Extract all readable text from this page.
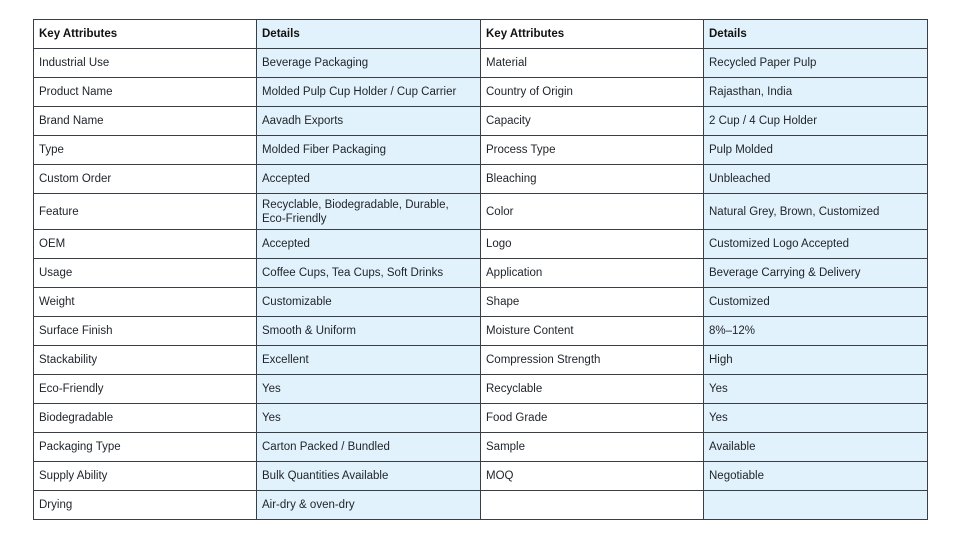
Key Attributes	Details	Key Attributes	Details
Industrial Use	Beverage Packaging	Material	Recycled Paper Pulp
Product Name	Molded Pulp Cup Holder / Cup Carrier	Country of Origin	Rajasthan, India
Brand Name	Aavadh Exports	Capacity	2 Cup / 4 Cup Holder
Type	Molded Fiber Packaging	Process Type	Pulp Molded
Custom Order	Accepted	Bleaching	Unbleached
Feature	Recyclable, Biodegradable, Durable, Eco-Friendly	Color	Natural Grey, Brown, Customized
OEM	Accepted	Logo	Customized Logo Accepted
Usage	Coffee Cups, Tea Cups, Soft Drinks	Application	Beverage Carrying & Delivery
Weight	Customizable	Shape	Customized
Surface Finish	Smooth & Uniform	Moisture Content	8%–12%
Stackability	Excellent	Compression Strength	High
Eco-Friendly	Yes	Recyclable	Yes
Biodegradable	Yes	Food Grade	Yes
Packaging Type	Carton Packed / Bundled	Sample	Available
Supply Ability	Bulk Quantities Available	MOQ	Negotiable
Drying	Air-dry & oven-dry		
